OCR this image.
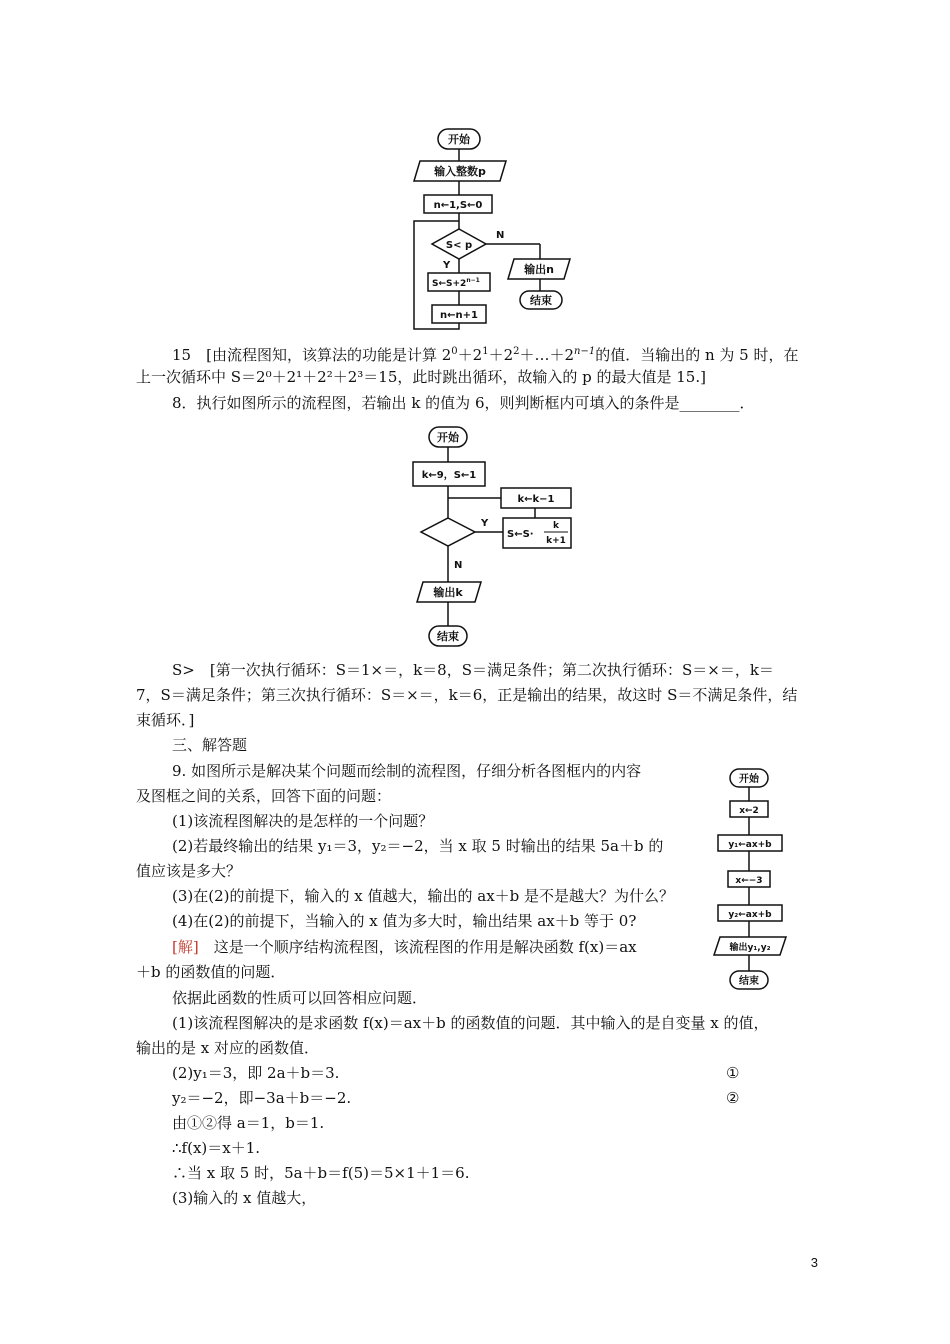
开始
输入整数p
n←1,S←0
S< p
N
Y	输出n
结束
$S\leftarrow S+2^{n-1}$
n←n+1
15　[由流程图知，该算法的功能是计算 $2^0+2^1+2^2+\dots+2^{n-1}$的值．当输出的 n 为 5 时，在
上一次循环中 S＝2⁰＋2¹＋2²＋2³＝15，此时跳出循环，故输入的 p 的最大值是 15.]
8．执行如图所示的流程图，若输出 k 的值为 6，则判断框内可填入的条件是________．
开始
k←9，S←1
k←k−1
Y
S←S·
k
k+1
N
输出k
结束
S>　[第一次执行循环：S＝1×＝，k＝8，S＝满足条件；第二次执行循环：S＝×＝，k＝
7，S＝满足条件；第三次执行循环：S＝×＝，k＝6，正是输出的结果，故这时 S＝不满足条件，结
束循环．]
三、解答题
9. 如图所示是解决某个问题而绘制的流程图，仔细分析各图框内的内容
及图框之间的关系，回答下面的问题：
(1)该流程图解决的是怎样的一个问题？
(2)若最终输出的结果 y₁＝3，y₂＝−2，当 x 取 5 时输出的结果 5a＋b 的
值应该是多大？
(3)在(2)的前提下，输入的 x 值越大，输出的 ax＋b 是不是越大？为什么？
(4)在(2)的前提下，当输入的 x 值为多大时，输出结果 ax＋b 等于 0?
开始
x←2
y₁←ax+b
x←−3
y₂←ax+b
输出y₁,y₂
结束
[解]　这是一个顺序结构流程图，该流程图的作用是解决函数 f(x)＝ax
＋b 的函数值的问题．
依据此函数的性质可以回答相应问题．
(1)该流程图解决的是求函数 f(x)＝ax＋b 的函数值的问题．其中输入的是自变量 x 的值，
输出的是 x 对应的函数值．
(2)y₁＝3，即 2a＋b＝3.	①
y₂＝−2，即−3a＋b＝−2.	②
由①②得 a＝1，b＝1.
∴f(x)＝x＋1.
∴当 x 取 5 时，5a＋b＝f(5)＝5×1＋1＝6.
(3)输入的 x 值越大，
3
